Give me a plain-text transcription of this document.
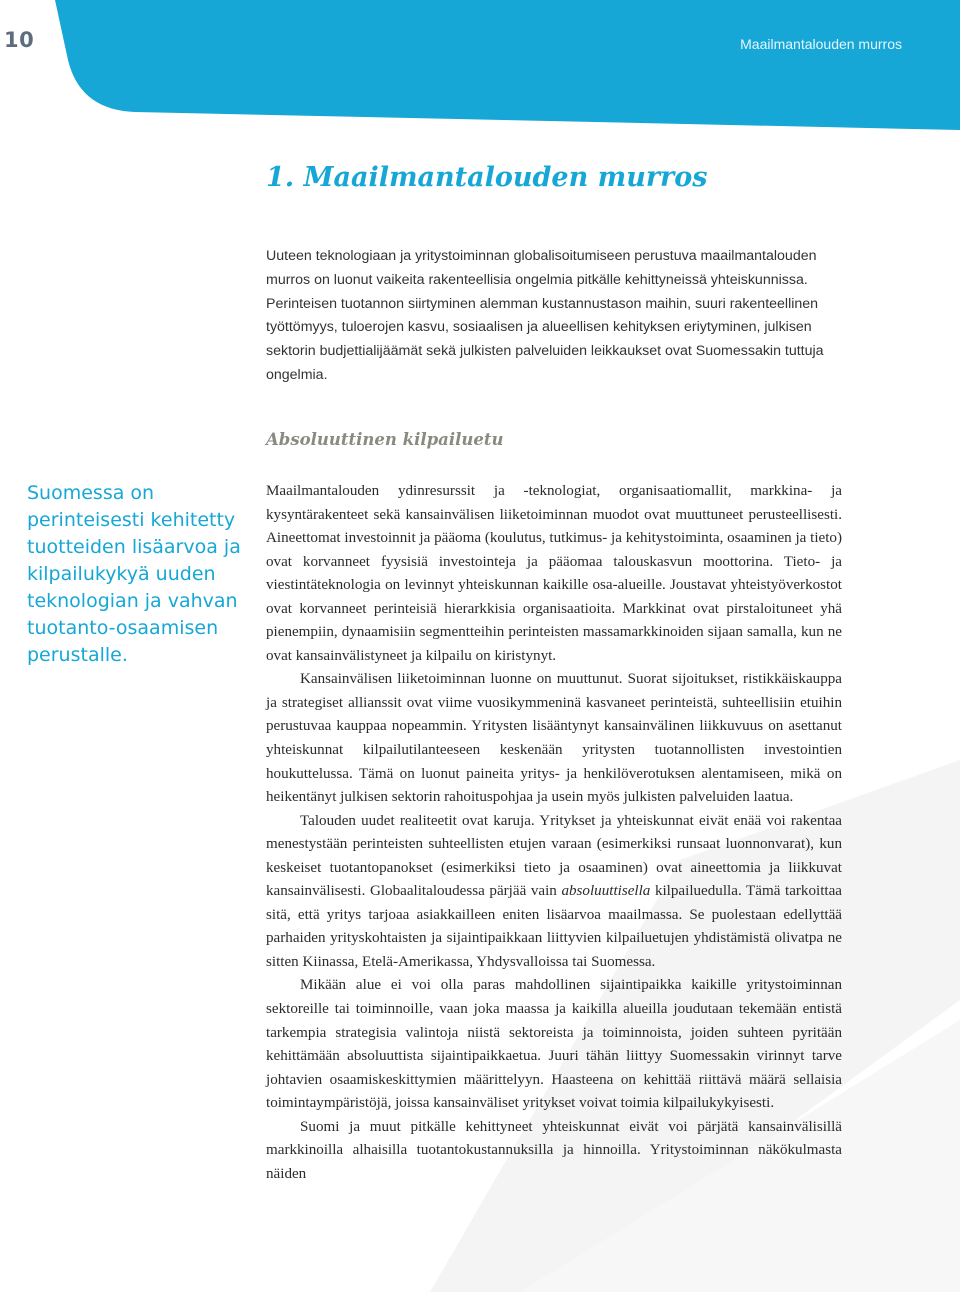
10	Maailmantalouden murros
1. Maailmantalouden murros

Uuteen teknologiaan ja yritystoiminnan globalisoitumiseen perustuva maailmantalouden murros on luonut vaikeita rakenteellisia ongelmia pitkälle kehittyneissä yhteiskunnissa. Perinteisen tuotannon siirtyminen alemman kustannustason maihin, suuri rakenteellinen työttömyys, tuloerojen kasvu, sosiaalisen ja alueellisen kehityksen eriytyminen, julkisen sektorin budjettialijäämät sekä julkisten palveluiden leikkaukset ovat Suomessakin tuttuja ongelmia.

Absoluuttinen kilpailuetu

Suomessa on perinteisesti kehitetty tuotteiden lisäarvoa ja kilpailukykyä uuden teknologian ja vahvan tuotanto-osaamisen perustalle.

Maailmantalouden ydinresurssit ja -teknologiat, organisaatiomallit, markkina- ja kysyntärakenteet sekä kansainvälisen liiketoiminnan muodot ovat muuttuneet perusteellisesti. Aineettomat investoinnit ja pääoma (koulutus, tutkimus- ja kehitystoiminta, osaaminen ja tieto) ovat korvanneet fyysisiä investointeja ja pääomaa talouskasvun moottorina. Tieto- ja viestintäteknologia on levinnyt yhteiskunnan kaikille osa-alueille. Joustavat yhteistyöverkostot ovat korvanneet perinteisiä hierarkkisia organisaatioita. Markkinat ovat pirstaloituneet yhä pienempiin, dynaamisiin segmentteihin perinteisten massamarkkinoiden sijaan samalla, kun ne ovat kansainvälistyneet ja kilpailu on kiristynyt.

Kansainvälisen liiketoiminnan luonne on muuttunut. Suorat sijoitukset, ristikkäiskauppa ja strategiset allianssit ovat viime vuosikymmeninä kasvaneet perinteistä, suhteellisiin etuihin perustuvaa kauppaa nopeammin. Yritysten lisääntynyt kansainvälinen liikkuvuus on asettanut yhteiskunnat kilpailutilanteeseen keskenään yritysten tuotannollisten investointien houkuttelussa. Tämä on luonut paineita yritys- ja henkilöverotuksen alentamiseen, mikä on heikentänyt julkisen sektorin rahoituspohjaa ja usein myös julkisten palveluiden laatua.

Talouden uudet realiteetit ovat karuja. Yritykset ja yhteiskunnat eivät enää voi rakentaa menestystään perinteisten suhteellisten etujen varaan (esimerkiksi runsaat luonnonvarat), kun keskeiset tuotantopanokset (esimerkiksi tieto ja osaaminen) ovat aineettomia ja liikkuvat kansainvälisesti. Globaalitaloudessa pärjää vain absoluuttisella kilpailuedulla. Tämä tarkoittaa sitä, että yritys tarjoaa asiakkailleen eniten lisäarvoa maailmassa. Se puolestaan edellyttää parhaiden yrityskohtaisten ja sijaintipaikkaan liittyvien kilpailuetujen yhdistämistä olivatpa ne sitten Kiinassa, Etelä-Amerikassa, Yhdysvalloissa tai Suomessa.

Mikään alue ei voi olla paras mahdollinen sijaintipaikka kaikille yritystoiminnan sektoreille tai toiminnoille, vaan joka maassa ja kaikilla alueilla joudutaan tekemään entistä tarkempia strategisia valintoja niistä sektoreista ja toiminnoista, joiden suhteen pyritään kehittämään absoluuttista sijaintipaikkaetua. Juuri tähän liittyy Suomessakin virinnyt tarve johtavien osaamiskeskittymien määrittelyyn. Haasteena on kehittää riittävä määrä sellaisia toimintaympäristöjä, joissa kansainväliset yritykset voivat toimia kilpailukykyisesti.

Suomi ja muut pitkälle kehittyneet yhteiskunnat eivät voi pärjätä kansainvälisillä markkinoilla alhaisilla tuotantokustannuksilla ja hinnoilla. Yritystoiminnan näkökulmasta näiden
